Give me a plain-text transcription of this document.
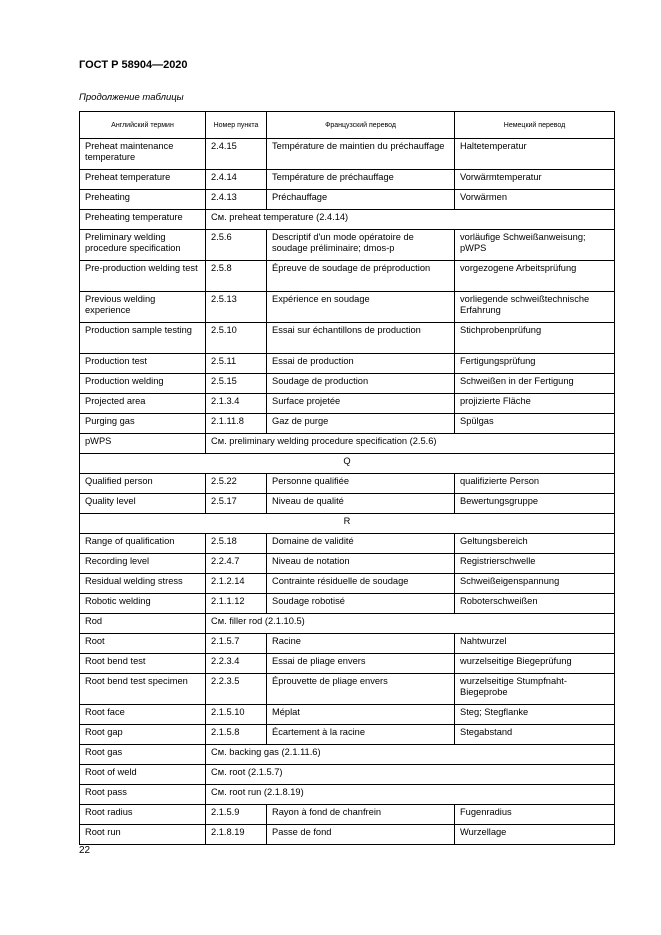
ГОСТ Р 58904—2020
Продолжение таблицы
Английский термин	Номер пункта	Французский перевод	Немецкий перевод
Preheat maintenance temperature	2.4.15	Température de maintien du préchauffage	Haltetemperatur
Preheat temperature	2.4.14	Température de préchauffage	Vorwärmtemperatur
Preheating	2.4.13	Préchauffage	Vorwärmen
Preheating temperature	См. preheat temperature (2.4.14)		
Preliminary welding procedure specification	2.5.6	Descriptif d'un mode opératoire de soudage préliminaire; dmos-p	vorläufige Schweißanweisung; pWPS
Pre-production welding test	2.5.8	Épreuve de soudage de préproduction	vorgezogene Arbeitsprüfung
Previous welding experience	2.5.13	Expérience en soudage	vorliegende schweißtechnische Erfahrung
Production sample testing	2.5.10	Essai sur échantillons de production	Stichprobenprüfung
Production test	2.5.11	Essai de production	Fertigungsprüfung
Production welding	2.5.15	Soudage de production	Schweißen in der Fertigung
Projected area	2.1.3.4	Surface projetée	projizierte Fläche
Purging gas	2.1.11.8	Gaz de purge	Spülgas
pWPS	См. preliminary welding procedure specification (2.5.6)		
Q			
Qualified person	2.5.22	Personne qualifiée	qualifizierte Person
Quality level	2.5.17	Niveau de qualité	Bewertungsgruppe
R			
Range of qualification	2.5.18	Domaine de validité	Geltungsbereich
Recording level	2.2.4.7	Niveau de notation	Registrierschwelle
Residual welding stress	2.1.2.14	Contrainte résiduelle de soudage	Schweißeigenspannung
Robotic welding	2.1.1.12	Soudage robotisé	Roboterschweißen
Rod	См. filler rod (2.1.10.5)		
Root	2.1.5.7	Racine	Nahtwurzel
Root bend test	2.2.3.4	Essai de pliage envers	wurzelseitige Biegeprüfung
Root bend test specimen	2.2.3.5	Éprouvette de pliage envers	wurzelseitige Stumpfnaht-Biegeprobe
Root face	2.1.5.10	Méplat	Steg; Stegflanke
Root gap	2.1.5.8	Écartement à la racine	Stegabstand
Root gas	См. backing gas (2.1.11.6)		
Root of weld	См. root (2.1.5.7)		
Root pass	См. root run (2.1.8.19)		
Root radius	2.1.5.9	Rayon à fond de chanfrein	Fugenradius
Root run	2.1.8.19	Passe de fond	Wurzellage
22
